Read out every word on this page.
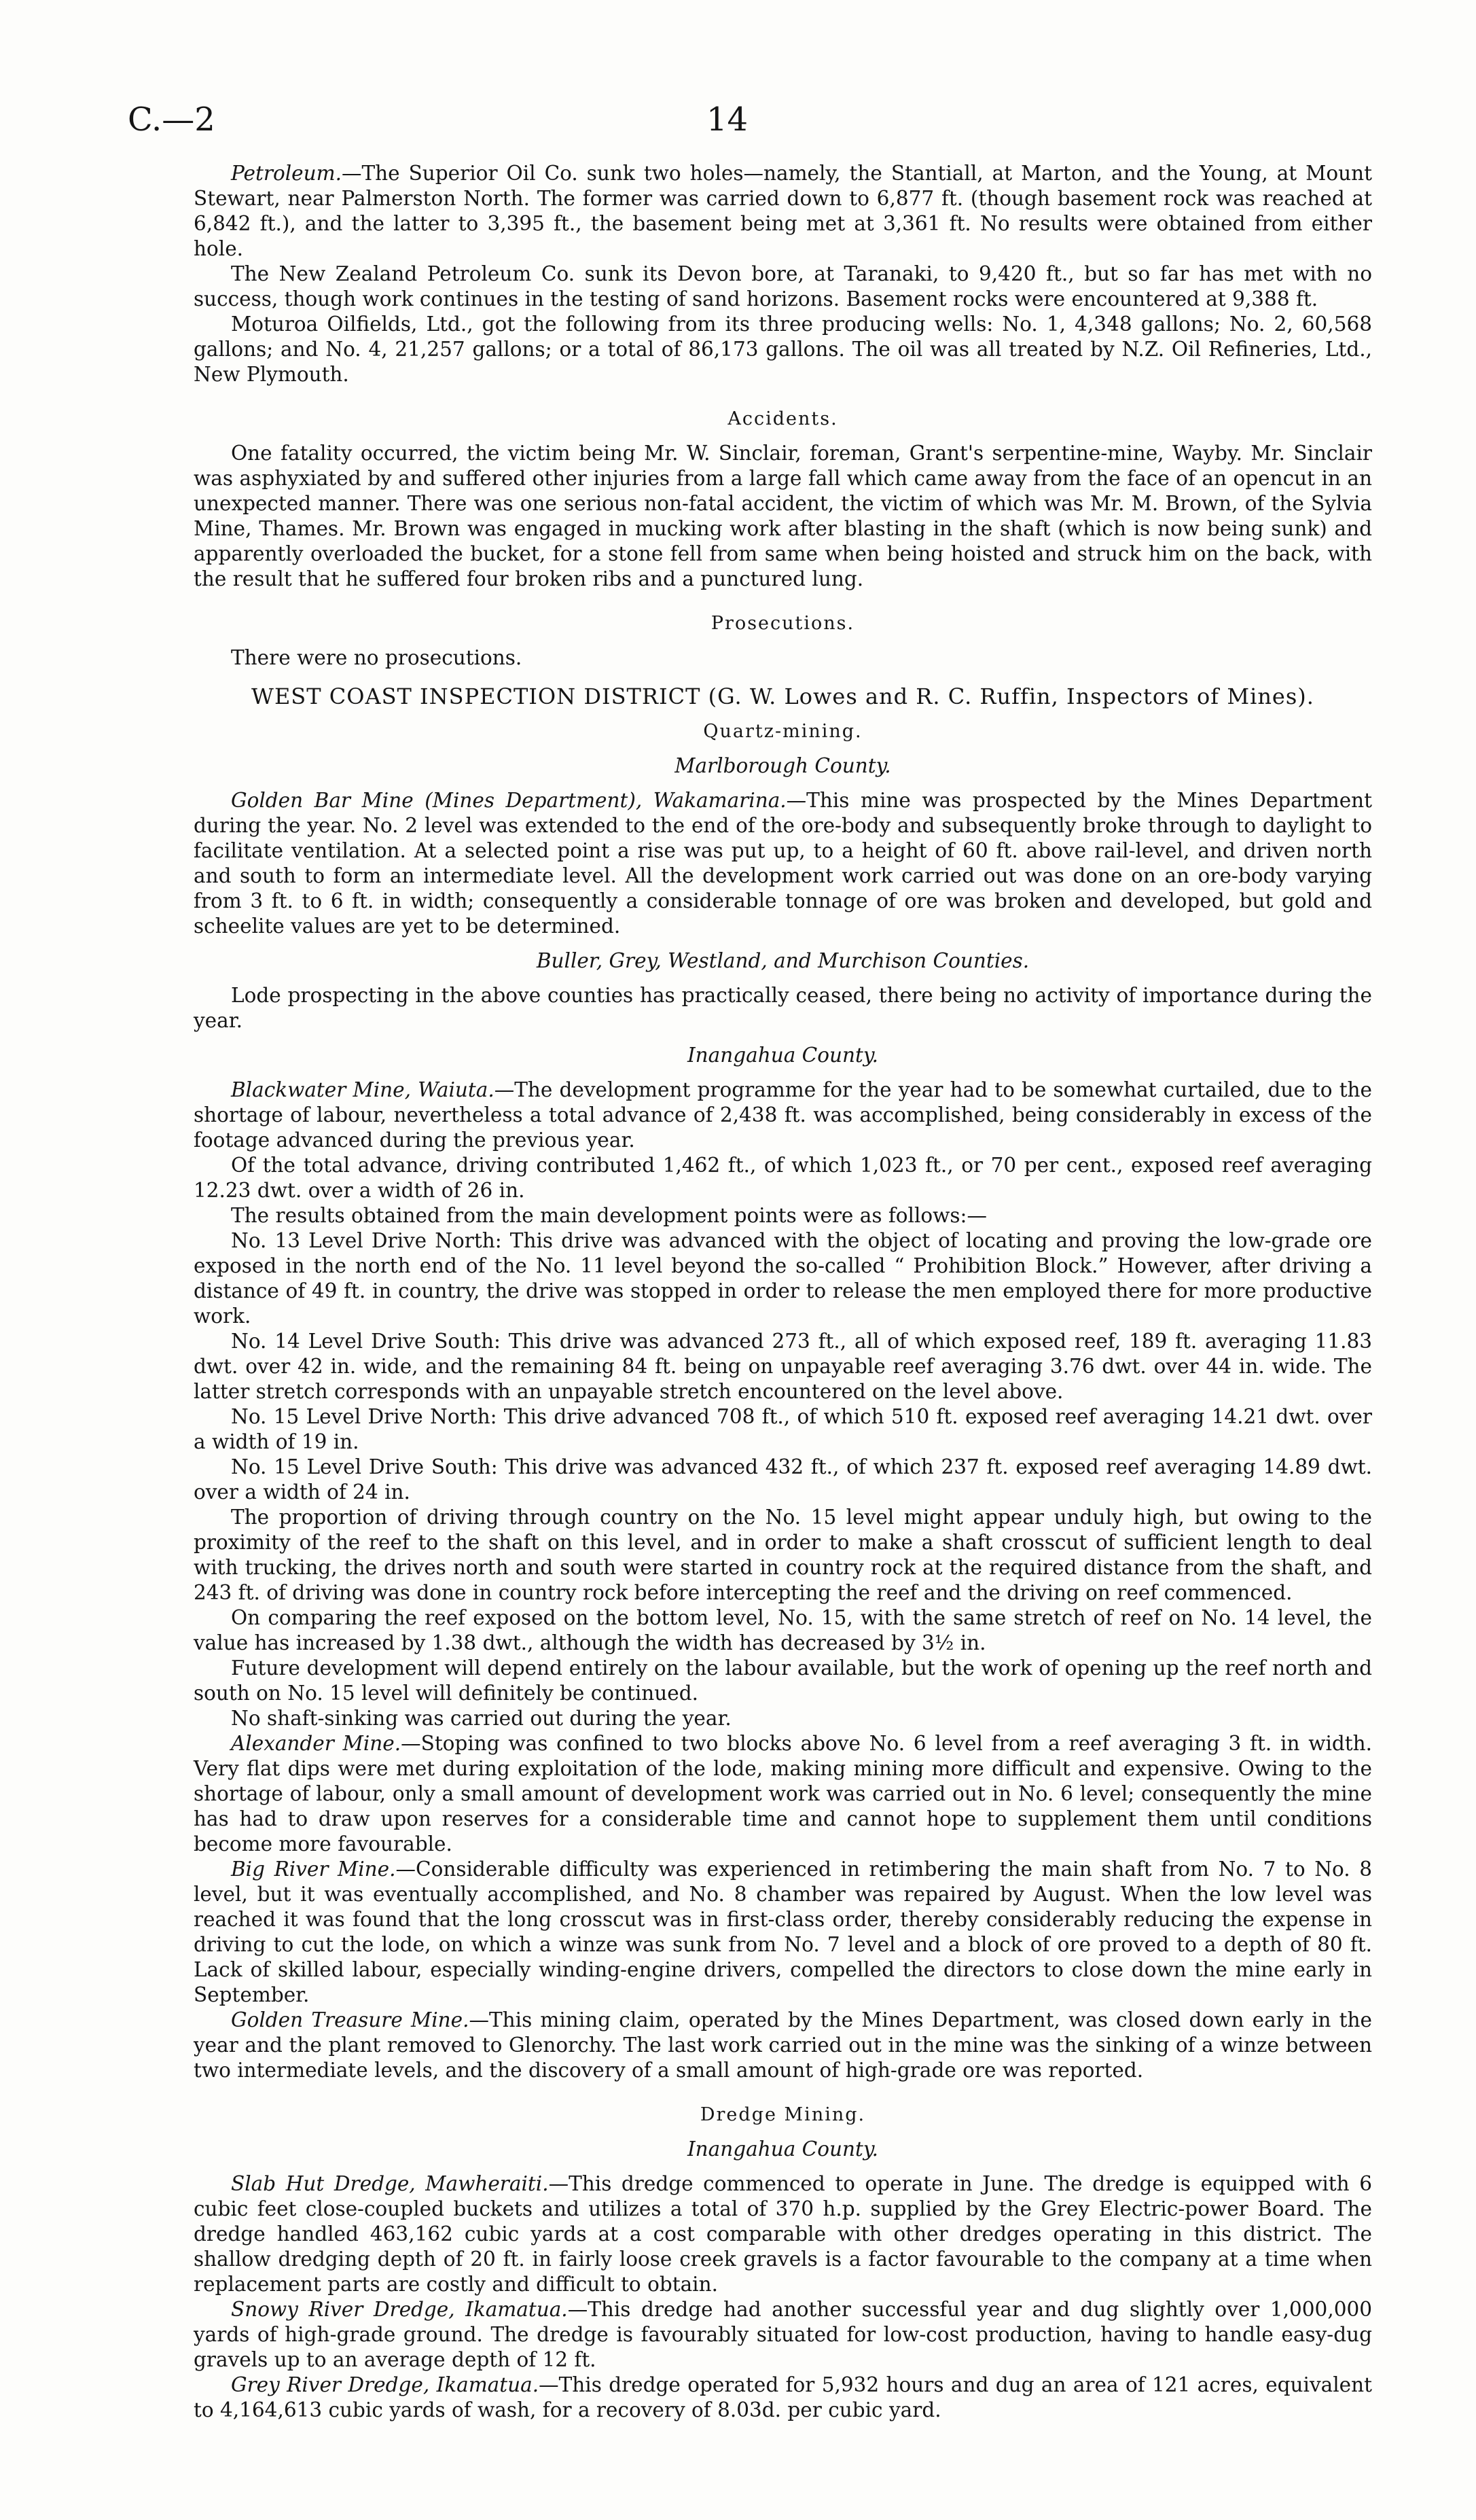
C.—2	14

Petroleum.—The Superior Oil Co. sunk two holes—namely, the Stantiall, at Marton, and the Young, at Mount Stewart, near Palmerston North. The former was carried down to 6,877 ft. (though basement rock was reached at 6,842 ft.), and the latter to 3,395 ft., the basement being met at 3,361 ft. No results were obtained from either hole.

The New Zealand Petroleum Co. sunk its Devon bore, at Taranaki, to 9,420 ft., but so far has met with no success, though work continues in the testing of sand horizons. Basement rocks were encountered at 9,388 ft.

Moturoa Oilfields, Ltd., got the following from its three producing wells: No. 1, 4,348 gallons; No. 2, 60,568 gallons; and No. 4, 21,257 gallons; or a total of 86,173 gallons. The oil was all treated by N.Z. Oil Refineries, Ltd., New Plymouth.

Accidents.

One fatality occurred, the victim being Mr. W. Sinclair, foreman, Grant's serpentine-mine, Wayby. Mr. Sinclair was asphyxiated by and suffered other injuries from a large fall which came away from the face of an opencut in an unexpected manner. There was one serious non-fatal accident, the victim of which was Mr. M. Brown, of the Sylvia Mine, Thames. Mr. Brown was engaged in mucking work after blasting in the shaft (which is now being sunk) and apparently overloaded the bucket, for a stone fell from same when being hoisted and struck him on the back, with the result that he suffered four broken ribs and a punctured lung.

Prosecutions.

There were no prosecutions.

WEST COAST INSPECTION DISTRICT (G. W. Lowes and R. C. Ruffin, Inspectors of Mines).

Quartz-mining.

Marlborough County.

Golden Bar Mine (Mines Department), Wakamarina.—This mine was prospected by the Mines Department during the year. No. 2 level was extended to the end of the ore-body and subsequently broke through to daylight to facilitate ventilation. At a selected point a rise was put up, to a height of 60 ft. above rail-level, and driven north and south to form an intermediate level. All the development work carried out was done on an ore-body varying from 3 ft. to 6 ft. in width; consequently a considerable tonnage of ore was broken and developed, but gold and scheelite values are yet to be determined.

Buller, Grey, Westland, and Murchison Counties.

Lode prospecting in the above counties has practically ceased, there being no activity of importance during the year.

Inangahua County.

Blackwater Mine, Waiuta.—The development programme for the year had to be somewhat curtailed, due to the shortage of labour, nevertheless a total advance of 2,438 ft. was accomplished, being considerably in excess of the footage advanced during the previous year.

Of the total advance, driving contributed 1,462 ft., of which 1,023 ft., or 70 per cent., exposed reef averaging 12.23 dwt. over a width of 26 in.

The results obtained from the main development points were as follows:—

No. 13 Level Drive North: This drive was advanced with the object of locating and proving the low-grade ore exposed in the north end of the No. 11 level beyond the so-called “ Prohibition Block.” However, after driving a distance of 49 ft. in country, the drive was stopped in order to release the men employed there for more productive work.

No. 14 Level Drive South: This drive was advanced 273 ft., all of which exposed reef, 189 ft. averaging 11.83 dwt. over 42 in. wide, and the remaining 84 ft. being on unpayable reef averaging 3.76 dwt. over 44 in. wide. The latter stretch corresponds with an unpayable stretch encountered on the level above.

No. 15 Level Drive North: This drive advanced 708 ft., of which 510 ft. exposed reef averaging 14.21 dwt. over a width of 19 in.

No. 15 Level Drive South: This drive was advanced 432 ft., of which 237 ft. exposed reef averaging 14.89 dwt. over a width of 24 in.

The proportion of driving through country on the No. 15 level might appear unduly high, but owing to the proximity of the reef to the shaft on this level, and in order to make a shaft crosscut of sufficient length to deal with trucking, the drives north and south were started in country rock at the required distance from the shaft, and 243 ft. of driving was done in country rock before intercepting the reef and the driving on reef commenced.

On comparing the reef exposed on the bottom level, No. 15, with the same stretch of reef on No. 14 level, the value has increased by 1.38 dwt., although the width has decreased by 3½ in.

Future development will depend entirely on the labour available, but the work of opening up the reef north and south on No. 15 level will definitely be continued.

No shaft-sinking was carried out during the year.

Alexander Mine.—Stoping was confined to two blocks above No. 6 level from a reef averaging 3 ft. in width. Very flat dips were met during exploitation of the lode, making mining more difficult and expensive. Owing to the shortage of labour, only a small amount of development work was carried out in No. 6 level; consequently the mine has had to draw upon reserves for a considerable time and cannot hope to supplement them until conditions become more favourable.

Big River Mine.—Considerable difficulty was experienced in retimbering the main shaft from No. 7 to No. 8 level, but it was eventually accomplished, and No. 8 chamber was repaired by August. When the low level was reached it was found that the long crosscut was in first-class order, thereby considerably reducing the expense in driving to cut the lode, on which a winze was sunk from No. 7 level and a block of ore proved to a depth of 80 ft. Lack of skilled labour, especially winding-engine drivers, compelled the directors to close down the mine early in September.

Golden Treasure Mine.—This mining claim, operated by the Mines Department, was closed down early in the year and the plant removed to Glenorchy. The last work carried out in the mine was the sinking of a winze between two intermediate levels, and the discovery of a small amount of high-grade ore was reported.

Dredge Mining.

Inangahua County.

Slab Hut Dredge, Mawheraiti.—This dredge commenced to operate in June. The dredge is equipped with 6 cubic feet close-coupled buckets and utilizes a total of 370 h.p. supplied by the Grey Electric-power Board. The dredge handled 463,162 cubic yards at a cost comparable with other dredges operating in this district. The shallow dredging depth of 20 ft. in fairly loose creek gravels is a factor favourable to the company at a time when replacement parts are costly and difficult to obtain.

Snowy River Dredge, Ikamatua.—This dredge had another successful year and dug slightly over 1,000,000 yards of high-grade ground. The dredge is favourably situated for low-cost production, having to handle easy-dug gravels up to an average depth of 12 ft.

Grey River Dredge, Ikamatua.—This dredge operated for 5,932 hours and dug an area of 121 acres, equivalent to 4,164,613 cubic yards of wash, for a recovery of 8.03d. per cubic yard.
